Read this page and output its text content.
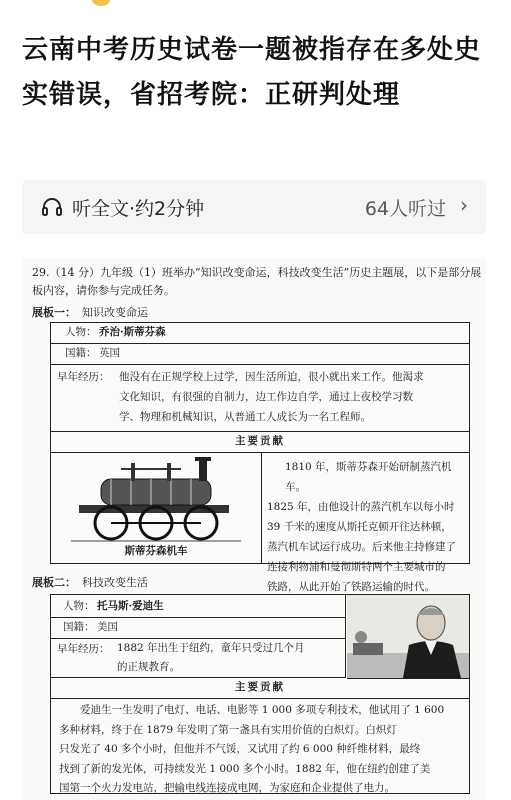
云南中考历史试卷一题被指存在多处史实错误，省招考院：正研判处理
听全文·约2分钟	64人听过 ›
29.（14 分）九年级（1）班举办“知识改变命运，科技改变生活”历史主题展，以下是部分展板内容，请你参与完成任务。
展板一： 知识改变命运
人物： 乔治·斯蒂芬森
国籍： 英国
早年经历： 他没有在正规学校上过学，因生活所迫，很小就出来工作。他渴求
文化知识，有很强的自制力，边工作边自学，通过上夜校学习数
学、物理和机械知识，从普通工人成长为一名工程师。
主要贡献
斯蒂芬森机车
1810 年，斯蒂芬森开始研制蒸汽机车。
1825 年，由他设计的蒸汽机车以每小时
39 千米的速度从斯托克顿开往达林顿，
蒸汽机车试运行成功。后来他主持修建了
连接利物浦和曼彻斯特两个主要城市的
铁路，从此开始了铁路运输的时代。
展板二： 科技改变生活
人物： 托马斯·爱迪生
国籍： 美国
早年经历： 1882 年出生于纽约，童年只受过几个月
的正规教育。
主要贡献
爱迪生一生发明了电灯、电话、电影等 1 000 多项专利技术，他试用了 1 600
多种材料，终于在 1879 年发明了第一盏具有实用价值的白炽灯。白炽灯
只发光了 40 多个小时，但他并不气馁，又试用了约 6 000 种纤维材料，最终
找到了新的发光体，可持续发光 1 000 多个小时。1882 年，他在纽约创建了美
国第一个火力发电站，把输电线连接成电网，为家庭和企业提供了电力。
